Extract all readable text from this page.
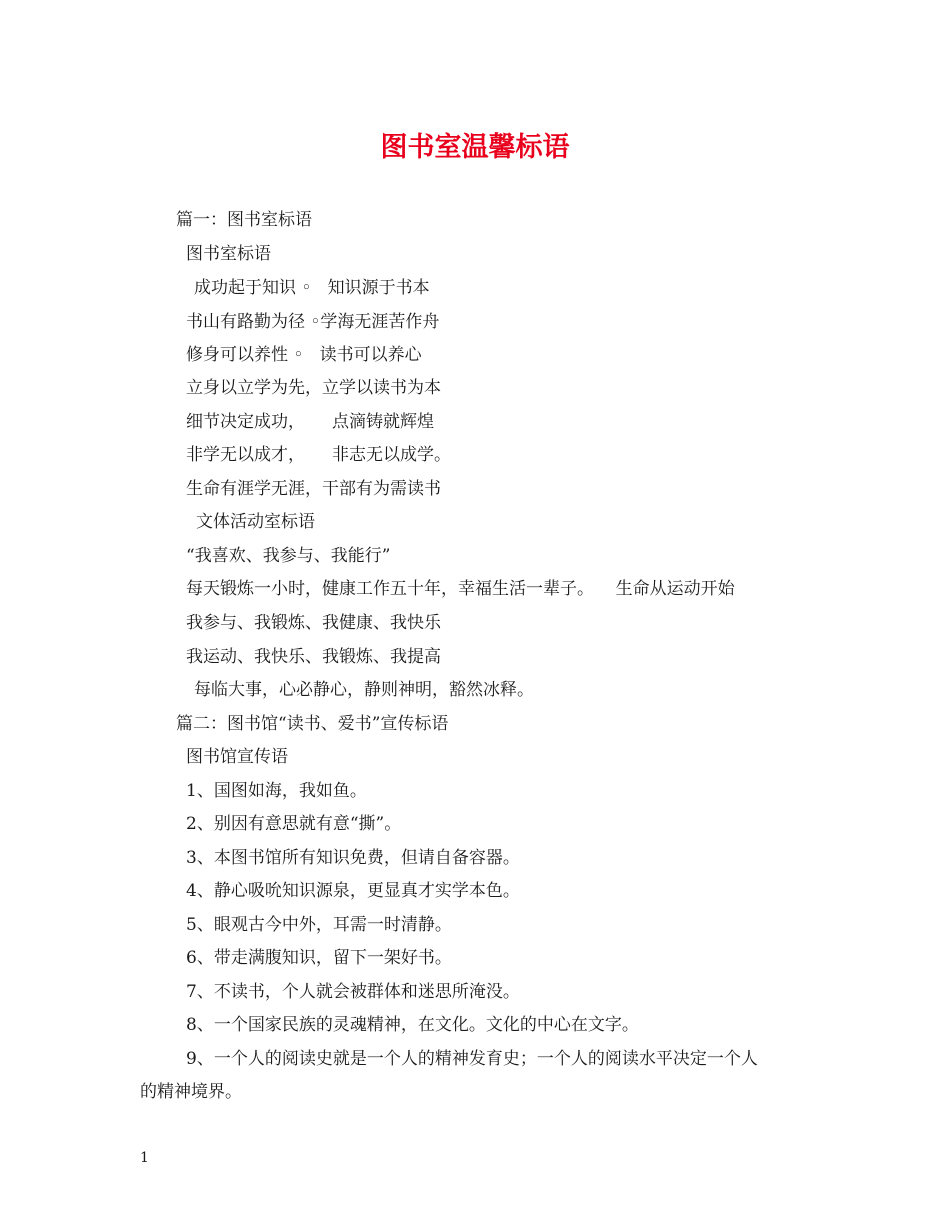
图书室温馨标语
篇一：图书室标语
图书室标语
成功起于知识 ◦   知识源于书本
书山有路勤为径 ◦学海无涯苦作舟
修身可以养性 ◦   读书可以养心
立身以立学为先，立学以读书为本
细节决定成功，     点滴铸就辉煌
非学无以成才，     非志无以成学。
生命有涯学无涯，干部有为需读书
文体活动室标语
“我喜欢、我参与、我能行”
每天锻炼一小时，健康工作五十年，幸福生活一辈子。    生命从运动开始
我参与、我锻炼、我健康、我快乐
我运动、我快乐、我锻炼、我提高
每临大事，心必静心，静则神明，豁然冰释。
篇二：图书馆“读书、爱书”宣传标语
图书馆宣传语
1、国图如海，我如鱼。
2、别因有意思就有意“撕”。
3、本图书馆所有知识免费，但请自备容器。
4、静心吸吮知识源泉，更显真才实学本色。
5、眼观古今中外，耳需一时清静。
6、带走满腹知识，留下一架好书。
7、不读书，个人就会被群体和迷思所淹没。
8、一个国家民族的灵魂精神，在文化。文化的中心在文字。
9、一个人的阅读史就是一个人的精神发育史；一个人的阅读水平决定一个人
的精神境界。
1
